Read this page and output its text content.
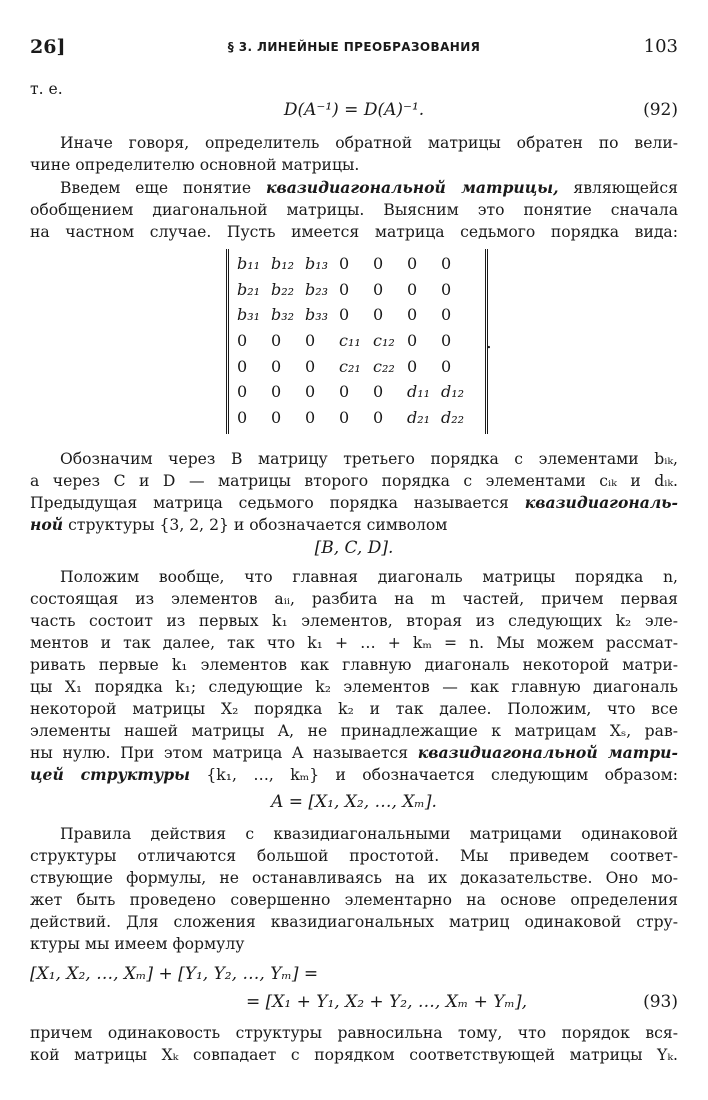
26]	§ 3. ЛИНЕЙНЫЕ ПРЕОБРАЗОВАНИЯ	103
т. е.
D(A⁻¹) = D(A)⁻¹.	(92)
Иначе говоря, определитель обратной матрицы обратен по вели-
чине определителю основной матрицы.
Введем еще понятие квазидиагональной матрицы, являющейся
обобщением диагональной матрицы. Выясним это понятие сначала
на частном случае. Пусть имеется матрица седьмого порядка вида:
b₁₁	b₁₂	b₁₃	0	0	0	0
b₂₁	b₂₂	b₂₃	0	0	0	0
b₃₁	b₃₂	b₃₃	0	0	0	0
0	0	0	c₁₁	c₁₂	0	0
0	0	0	c₂₁	c₂₂	0	0
0	0	0	0	0	d₁₁	d₁₂
0	0	0	0	0	d₂₁	d₂₂
.
Обозначим через B матрицу третьего порядка с элементами bᵢₖ,
а через C и D — матрицы второго порядка с элементами cᵢₖ и dᵢₖ.
Предыдущая матрица седьмого порядка называется квазидиагональ-
ной структуры {3, 2, 2} и обозначается символом
[B, C, D].
Положим вообще, что главная диагональ матрицы порядка n,
состоящая из элементов aᵢᵢ, разбита на m частей, причем первая
часть состоит из первых k₁ элементов, вторая из следующих k₂ эле-
ментов и так далее, так что k₁ + … + kₘ = n. Мы можем рассмат-
ривать первые k₁ элементов как главную диагональ некоторой матри-
цы X₁ порядка k₁; следующие k₂ элементов — как главную диагональ
некоторой матрицы X₂ порядка k₂ и так далее. Положим, что все
элементы нашей матрицы A, не принадлежащие к матрицам Xₛ, рав-
ны нулю. При этом матрица A называется квазидиагональной матри-
цей структуры {k₁, …, kₘ} и обозначается следующим образом:
A = [X₁, X₂, …, Xₘ].
Правила действия с квазидиагональными матрицами одинаковой
структуры отличаются большой простотой. Мы приведем соответ-
ствующие формулы, не останавливаясь на их доказательстве. Оно мо-
жет быть проведено совершенно элементарно на основе определения
действий. Для сложения квазидиагональных матриц одинаковой стру-
ктуры мы имеем формулу
[X₁, X₂, …, Xₘ] + [Y₁, Y₂, …, Yₘ] =
= [X₁ + Y₁, X₂ + Y₂, …, Xₘ + Yₘ],	(93)
причем одинаковость структуры равносильна тому, что порядок вся-
кой матрицы Xₖ совпадает с порядком соответствующей матрицы Yₖ.
